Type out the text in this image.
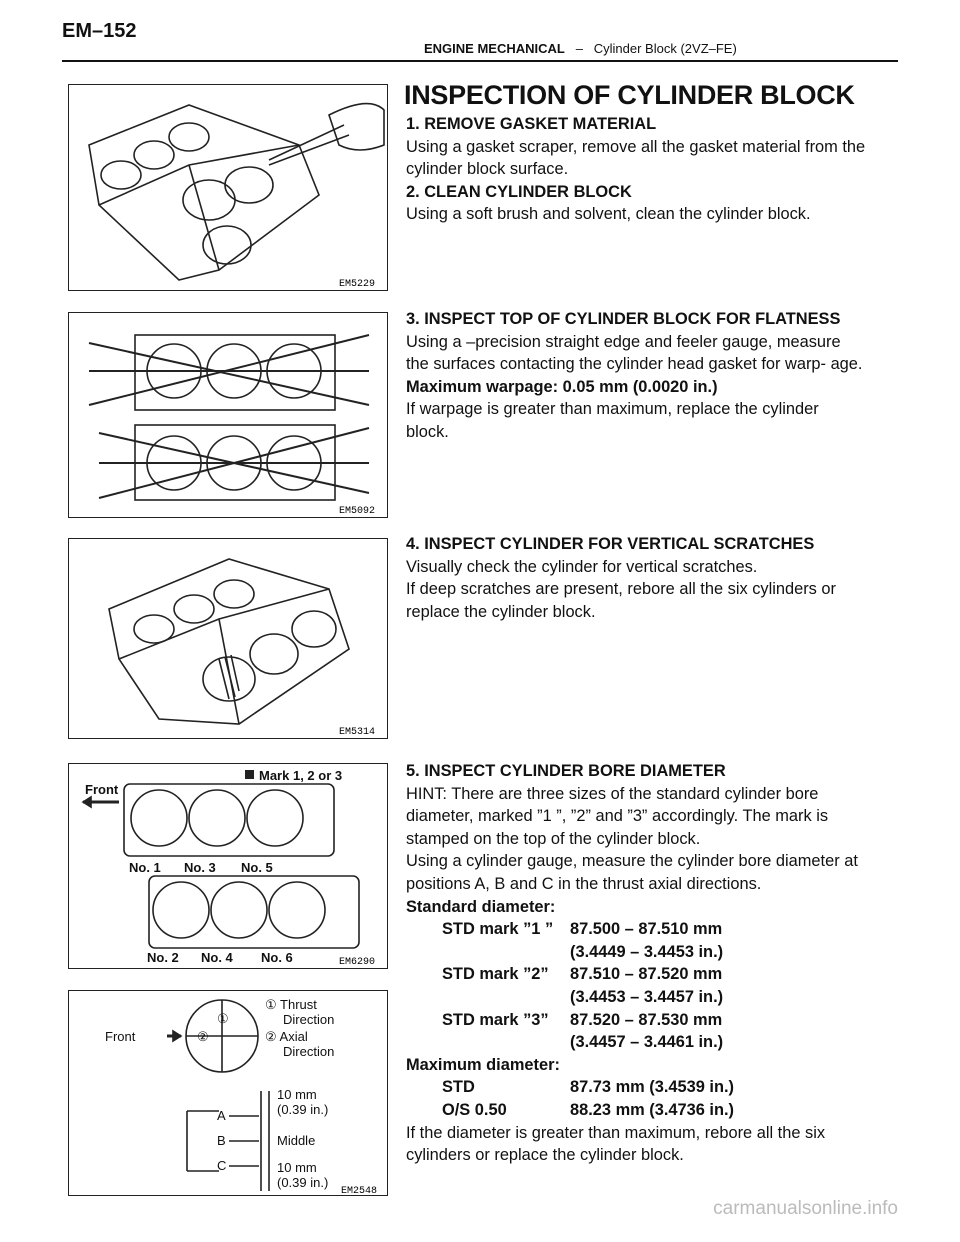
EM–152
ENGINE MECHANICAL – Cylinder Block (2VZ–FE)
INSPECTION OF CYLINDER BLOCK

1. REMOVE GASKET MATERIAL

Using a gasket scraper, remove all the gasket material from the cylinder block surface.

2. CLEAN CYLINDER BLOCK

Using a soft brush and solvent, clean the cylinder block.

3. INSPECT TOP OF CYLINDER BLOCK FOR FLATNESS

Using a –precision straight edge and feeler gauge, measure the surfaces contacting the cylinder head gasket for warp- age.

Maximum warpage: 0.05 mm (0.0020 in.)

If warpage is greater than maximum, replace the cylinder block.

4. INSPECT CYLINDER FOR VERTICAL SCRATCHES

Visually check the cylinder for vertical scratches.

If deep scratches are present, rebore all the six cylinders or replace the cylinder block.

5. INSPECT CYLINDER BORE DIAMETER

HINT: There are three sizes of the standard cylinder bore diameter, marked ”1 ”, ”2” and ”3” accordingly. The mark is stamped on the top of the cylinder block.

Using a cylinder gauge, measure the cylinder bore diameter at positions A, B and C in the thrust axial directions.

Standard diameter:

STD mark ”1 ”	87.500 – 87.510 mm
(3.4449 – 3.4453 in.)

STD mark ”2”	87.510 – 87.520 mm
(3.4453 – 3.4457 in.)

STD mark ”3”	87.520 – 87.530 mm
(3.4457 – 3.4461 in.)

Maximum diameter:

STD	87.73 mm (3.4539 in.)
O/S 0.50	88.23 mm (3.4736 in.)

If the diameter is greater than maximum, rebore all the six cylinders or replace the cylinder block.

EM5229
EM5092
EM5314
Front
Mark 1, 2 or 3
No. 1 No. 3 No. 5
No. 2 No. 4 No. 6	EM6290
Front
①
②
① Thrust
Direction
② Axial
Direction
A
B
C
10 mm
(0.39 in.)
Middle
10 mm
(0.39 in.)
EM2548
carmanualsonline.info
